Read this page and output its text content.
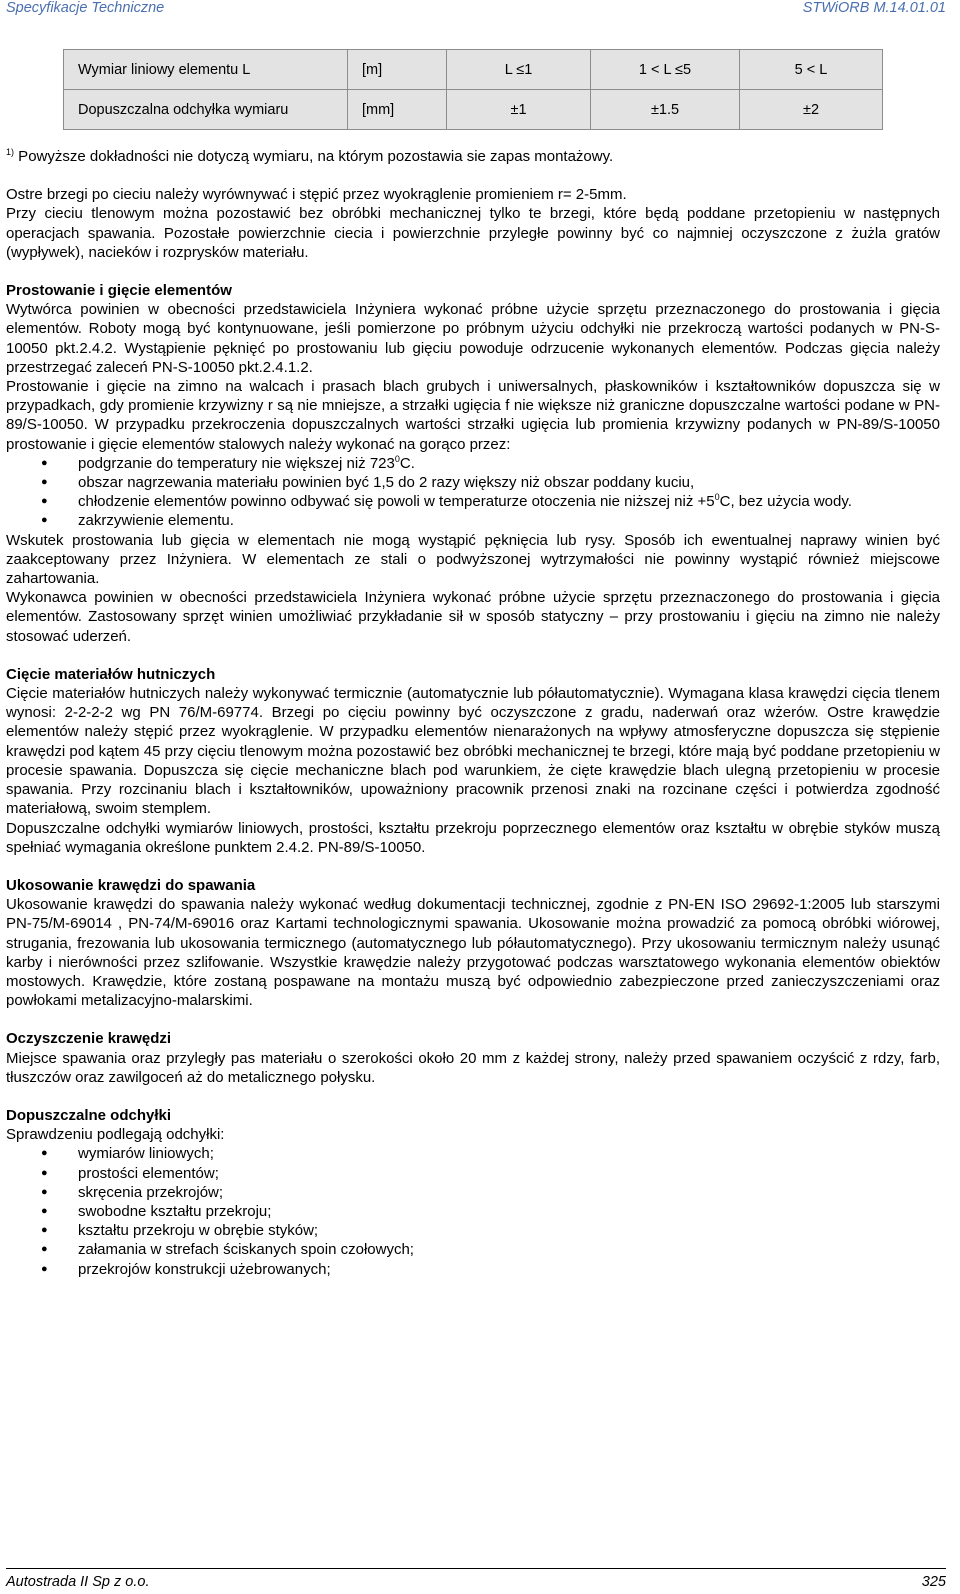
Specyfikacje Techniczne	STWiORB M.14.01.01
Wymiar liniowy elementu L	[m]	L ≤1	1 < L ≤5	5 < L
Dopuszczalna odchyłka wymiaru	[mm]	±1	±1.5	±2

$^{1)}$ Powyższe dokładności nie dotyczą wymiaru, na którym pozostawia sie zapas montażowy.

Ostre brzegi po cieciu należy wyrównywać i stępić przez wyokrąglenie promieniem r= 2-5mm.

Przy cieciu tlenowym można pozostawić bez obróbki mechanicznej tylko te brzegi, które będą poddane przetopieniu w następnych operacjach spawania. Pozostałe powierzchnie ciecia i powierzchnie przyległe powinny być co najmniej oczyszczone z żużla gratów (wypływek), nacieków i rozprysków materiału.

Prostowanie i gięcie elementów

Wytwórca powinien w obecności przedstawiciela Inżyniera wykonać próbne użycie sprzętu przeznaczonego do prostowania i gięcia elementów. Roboty mogą być kontynuowane, jeśli pomierzone po próbnym użyciu odchyłki nie przekroczą wartości podanych w PN-S-10050 pkt.2.4.2. Wystąpienie pęknięć po prostowaniu lub gięciu powoduje odrzucenie wykonanych elementów. Podczas gięcia należy przestrzegać zaleceń PN-S-10050 pkt.2.4.1.2.

Prostowanie i gięcie na zimno na walcach i prasach blach grubych i uniwersalnych, płaskowników i kształtowników dopuszcza się w przypadkach, gdy promienie krzywizny r są nie mniejsze, a strzałki ugięcia f nie większe niż graniczne dopuszczalne wartości podane w PN-89/S-10050. W przypadku przekroczenia dopuszczalnych wartości strzałki ugięcia lub promienia krzywizny podanych w PN-89/S-10050 prostowanie i gięcie elementów stalowych należy wykonać na gorąco przez:

● podgrzanie do temperatury nie większej niż $723^0C$.
● obszar nagrzewania materiału powinien być 1,5 do 2 razy większy niż obszar poddany kuciu,
● chłodzenie elementów powinno odbywać się powoli w temperaturze otoczenia nie niższej niż $+5^0C$, bez użycia wody.
● zakrzywienie elementu.

Wskutek prostowania lub gięcia w elementach nie mogą wystąpić pęknięcia lub rysy. Sposób ich ewentualnej naprawy winien być zaakceptowany przez Inżyniera. W elementach ze stali o podwyższonej wytrzymałości nie powinny wystąpić również miejscowe zahartowania.

Wykonawca powinien w obecności przedstawiciela Inżyniera wykonać próbne użycie sprzętu przeznaczonego do prostowania i gięcia elementów. Zastosowany sprzęt winien umożliwiać przykładanie sił w sposób statyczny – przy prostowaniu i gięciu na zimno nie należy stosować uderzeń.

Cięcie materiałów hutniczych

Cięcie materiałów hutniczych należy wykonywać termicznie (automatycznie lub półautomatycznie). Wymagana klasa krawędzi cięcia tlenem wynosi: 2-2-2-2 wg PN 76/M-69774. Brzegi po cięciu powinny być oczyszczone z gradu, naderwań oraz wżerów. Ostre krawędzie elementów należy stępić przez wyokrąglenie. W przypadku elementów nienarażonych na wpływy atmosferyczne dopuszcza się stępienie krawędzi pod kątem 45 przy cięciu tlenowym można pozostawić bez obróbki mechanicznej te brzegi, które mają być poddane przetopieniu w procesie spawania. Dopuszcza się cięcie mechaniczne blach pod warunkiem, że cięte krawędzie blach ulegną przetopieniu w procesie spawania. Przy rozcinaniu blach i kształtowników, upoważniony pracownik przenosi znaki na rozcinane części i potwierdza zgodność materiałową, swoim stemplem.

Dopuszczalne odchyłki wymiarów liniowych, prostości, kształtu przekroju poprzecznego elementów oraz kształtu w obrębie styków muszą spełniać wymagania określone punktem 2.4.2. PN-89/S-10050.

Ukosowanie krawędzi do spawania

Ukosowanie krawędzi do spawania należy wykonać według dokumentacji technicznej, zgodnie z PN-EN ISO 29692-1:2005 lub starszymi PN-75/M-69014 , PN-74/M-69016 oraz Kartami technologicznymi spawania. Ukosowanie można prowadzić za pomocą obróbki wiórowej, strugania, frezowania lub ukosowania termicznego (automatycznego lub półautomatycznego). Przy ukosowaniu termicznym należy usunąć karby i nierówności przez szlifowanie. Wszystkie krawędzie należy przygotować podczas warsztatowego wykonania elementów obiektów mostowych. Krawędzie, które zostaną pospawane na montażu muszą być odpowiednio zabezpieczone przed zanieczyszczeniami oraz powłokami metalizacyjno-malarskimi.

Oczyszczenie krawędzi

Miejsce spawania oraz przyległy pas materiału o szerokości około 20 mm z każdej strony, należy przed spawaniem oczyścić z rdzy, farb, tłuszczów oraz zawilgoceń aż do metalicznego połysku.

Dopuszczalne odchyłki

Sprawdzeniu podlegają odchyłki:

● wymiarów liniowych;
● prostości elementów;
● skręcenia przekrojów;
● swobodne kształtu przekroju;
● kształtu przekroju w obrębie styków;
● załamania w strefach ściskanych spoin czołowych;
● przekrojów konstrukcji użebrowanych;
Autostrada II Sp z o.o.	325
